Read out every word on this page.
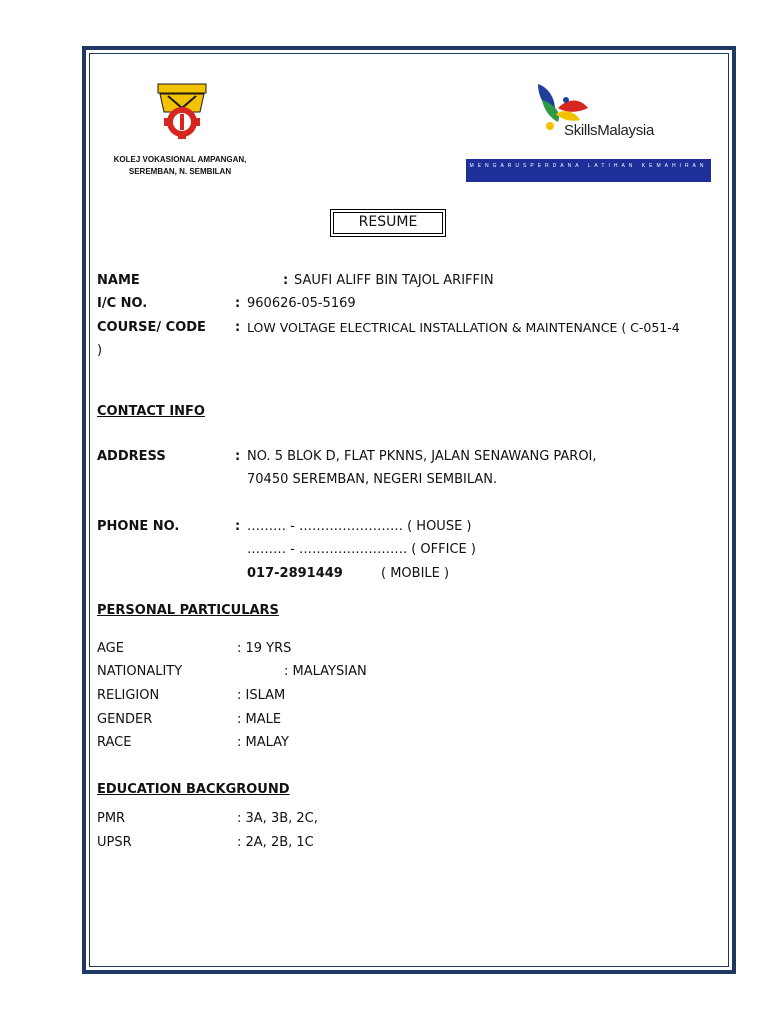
KOLEJ VOKASIONAL AMPANGAN,
SEREMBAN, N. SEMBILAN
SkillsMalaysia
MENGARUSPERDANA LATIHAN KEMAHIRAN
RESUME
NAME	: SAUFI ALIFF BIN TAJOL ARIFFIN
I/C NO.	: 960626-05-5169
COURSE/ CODE : LOW VOLTAGE ELECTRICAL INSTALLATION & MAINTENANCE ( C-051-4
)
CONTACT INFO
ADDRESS	: NO. 5 BLOK D, FLAT PKNNS, JALAN SENAWANG PAROI,
70450 SEREMBAN, NEGERI SEMBILAN.
PHONE NO.	: ……… - …………………… ( HOUSE )
……… - ……………………. ( OFFICE )
017-2891449	( MOBILE )
PERSONAL PARTICULARS
AGE	: 19 YRS
NATIONALITY	: MALAYSIAN
RELIGION	: ISLAM
GENDER	: MALE
RACE	: MALAY
EDUCATION BACKGROUND
PMR	: 3A, 3B, 2C,
UPSR	: 2A, 2B, 1C
